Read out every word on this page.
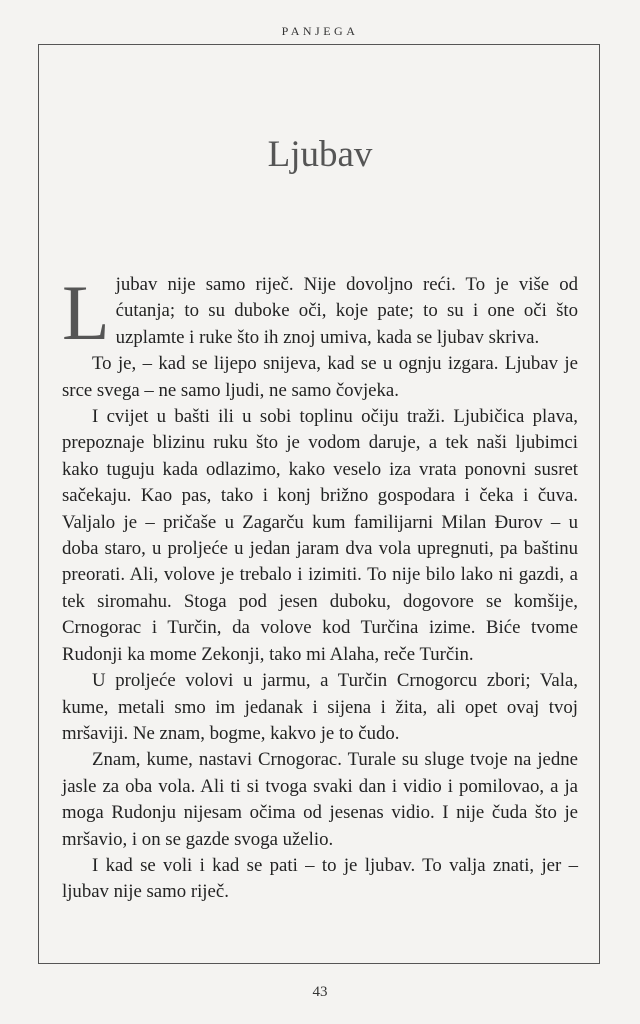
PANJEGA
Ljubav

Ljubav nije samo riječ. Nije dovoljno reći. To je više od ćutanja; to su duboke oči, koje pate; to su i one oči što uzplamte i ruke što ih znoj umiva, kada se ljubav skriva.

To je, – kad se lijepo snijeva, kad se u ognju izgara. Ljubav je srce svega – ne samo ljudi, ne samo čovjeka.

I cvijet u bašti ili u sobi toplinu očiju traži. Ljubičica plava, prepoznaje blizinu ruku što je vodom daruje, a tek naši ljubimci kako tuguju kada odlazimo, kako veselo iza vrata ponovni susret sačekaju. Kao pas, tako i konj brižno gospodara i čeka i čuva. Valjalo je – pričaše u Zagarču kum familijarni Milan Đurov – u doba staro, u proljeće u jedan jaram dva vola upregnuti, pa baštinu preorati. Ali, volove je trebalo i izimiti. To nije bilo lako ni gazdi, a tek siromahu. Stoga pod jesen duboku, dogovore se komšije, Crnogorac i Turčin, da volove kod Turčina izime. Biće tvome Rudonji ka mome Zekonji, tako mi Alaha, reče Turčin.

U proljeće volovi u jarmu, a Turčin Crnogorcu zbori; Vala, kume, metali smo im jedanak i sijena i žita, ali opet ovaj tvoj mršaviji. Ne znam, bogme, kakvo je to čudo.

Znam, kume, nastavi Crnogorac. Turale su sluge tvoje na jedne jasle za oba vola. Ali ti si tvoga svaki dan i vidio i pomilovao, a ja moga Rudonju nijesam očima od jesenas vidio. I nije čuda što je mršavio, i on se gazde svoga uželio.

I kad se voli i kad se pati – to je ljubav. To valja znati, jer – ljubav nije samo riječ.

43
